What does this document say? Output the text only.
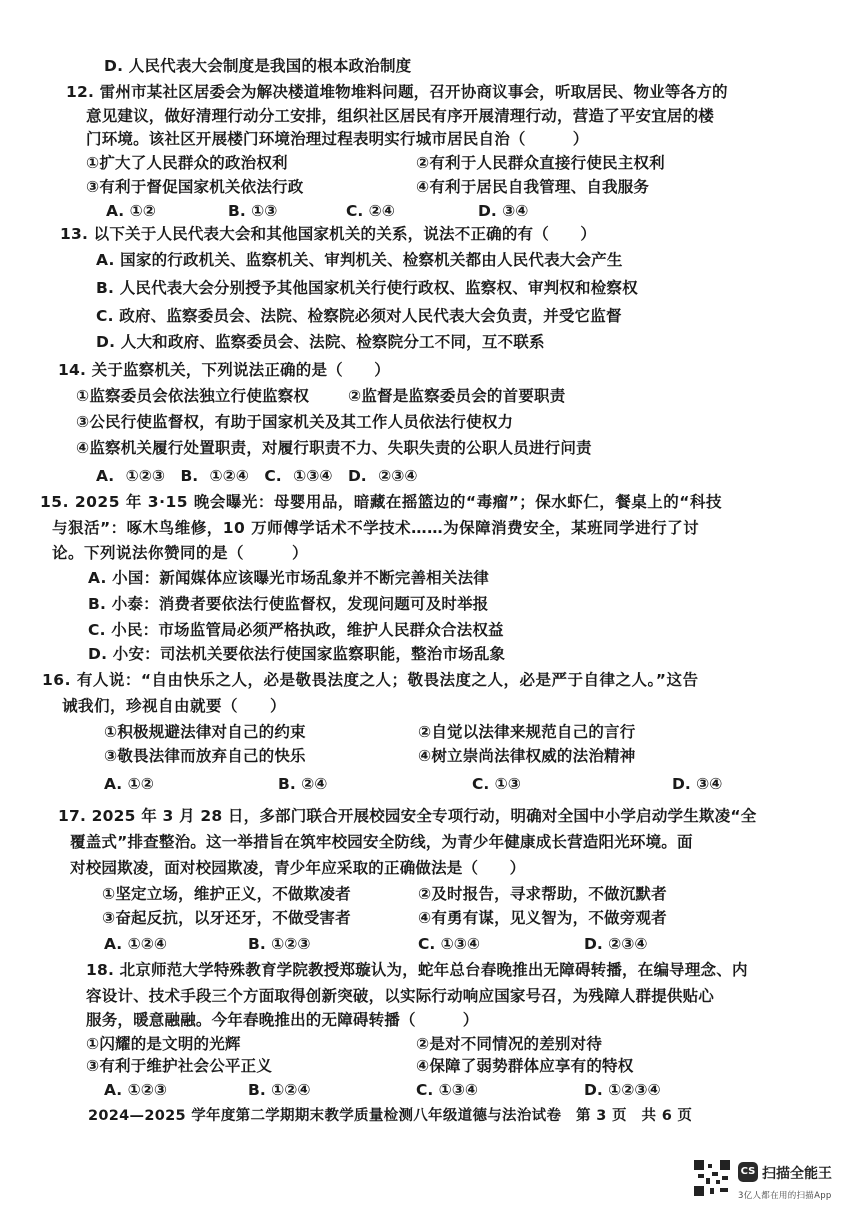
D. 人民代表大会制度是我国的根本政治制度
12. 雷州市某社区居委会为解决楼道堆物堆料问题，召开协商议事会，听取居民、物业等各方的
意见建议，做好清理行动分工安排，组织社区居民有序开展清理行动，营造了平安宜居的楼
门环境。该社区开展楼门环境治理过程表明实行城市居民自治（　　　）
①扩大了人民群众的政治权利	②有利于人民群众直接行使民主权利
③有利于督促国家机关依法行政	④有利于居民自我管理、自我服务
A. ①②	B. ①③	C. ②④	D. ③④
13. 以下关于人民代表大会和其他国家机关的关系，说法不正确的有（　　）
A. 国家的行政机关、监察机关、审判机关、检察机关都由人民代表大会产生
B. 人民代表大会分别授予其他国家机关行使行政权、监察权、审判权和检察权
C. 政府、监察委员会、法院、检察院必须对人民代表大会负责，并受它监督
D. 人大和政府、监察委员会、法院、检察院分工不同，互不联系
14. 关于监察机关，下列说法正确的是（　　）
①监察委员会依法独立行使监察权	②监督是监察委员会的首要职责
③公民行使监督权，有助于国家机关及其工作人员依法行使权力
④监察机关履行处置职责，对履行职责不力、失职失责的公职人员进行问责
A. ①②③　B. ①②④　C. ①③④　D. ②③④
15. 2025 年 3·15 晚会曝光：母婴用品，暗藏在摇篮边的“毒瘤”；保水虾仁，餐桌上的“科技
与狠活”：啄木鸟维修，10 万师傅学话术不学技术……为保障消费安全，某班同学进行了讨
论。下列说法你赞同的是（　　　）
A. 小国：新闻媒体应该曝光市场乱象并不断完善相关法律
B. 小泰：消费者要依法行使监督权，发现问题可及时举报
C. 小民：市场监管局必须严格执政，维护人民群众合法权益
D. 小安：司法机关要依法行使国家监察职能，整治市场乱象
16. 有人说：“自由快乐之人，必是敬畏法度之人；敬畏法度之人，必是严于自律之人。”这告
诫我们，珍视自由就要（　　）
①积极规避法律对自己的约束	②自觉以法律来规范自己的言行
③敬畏法律而放弃自己的快乐	④树立崇尚法律权威的法治精神
A. ①②	B. ②④	C. ①③	D. ③④
17. 2025 年 3 月 28 日，多部门联合开展校园安全专项行动，明确对全国中小学启动学生欺凌“全
覆盖式”排查整治。这一举措旨在筑牢校园安全防线，为青少年健康成长营造阳光环境。面
对校园欺凌，面对校园欺凌，青少年应采取的正确做法是（　　）
①坚定立场，维护正义，不做欺凌者	②及时报告，寻求帮助，不做沉默者
③奋起反抗，以牙还牙，不做受害者	④有勇有谋，见义智为，不做旁观者
A. ①②④	B. ①②③	C. ①③④	D. ②③④
18. 北京师范大学特殊教育学院教授郑璇认为，蛇年总台春晚推出无障碍转播，在编导理念、内
容设计、技术手段三个方面取得创新突破，以实际行动响应国家号召，为残障人群提供贴心
服务，暖意融融。今年春晚推出的无障碍转播（　　　）
①闪耀的是文明的光辉	②是对不同情况的差别对待
③有利于维护社会公平正义	④保障了弱势群体应享有的特权
2024—2025 学年度第二学期期末教学质量检测八年级道德与法治试卷　第 3 页　共 6 页
CS 扫描全能王
3亿人都在用的扫描App
A. ①②③	B. ①②④	C. ①③④	D. ①②③④
